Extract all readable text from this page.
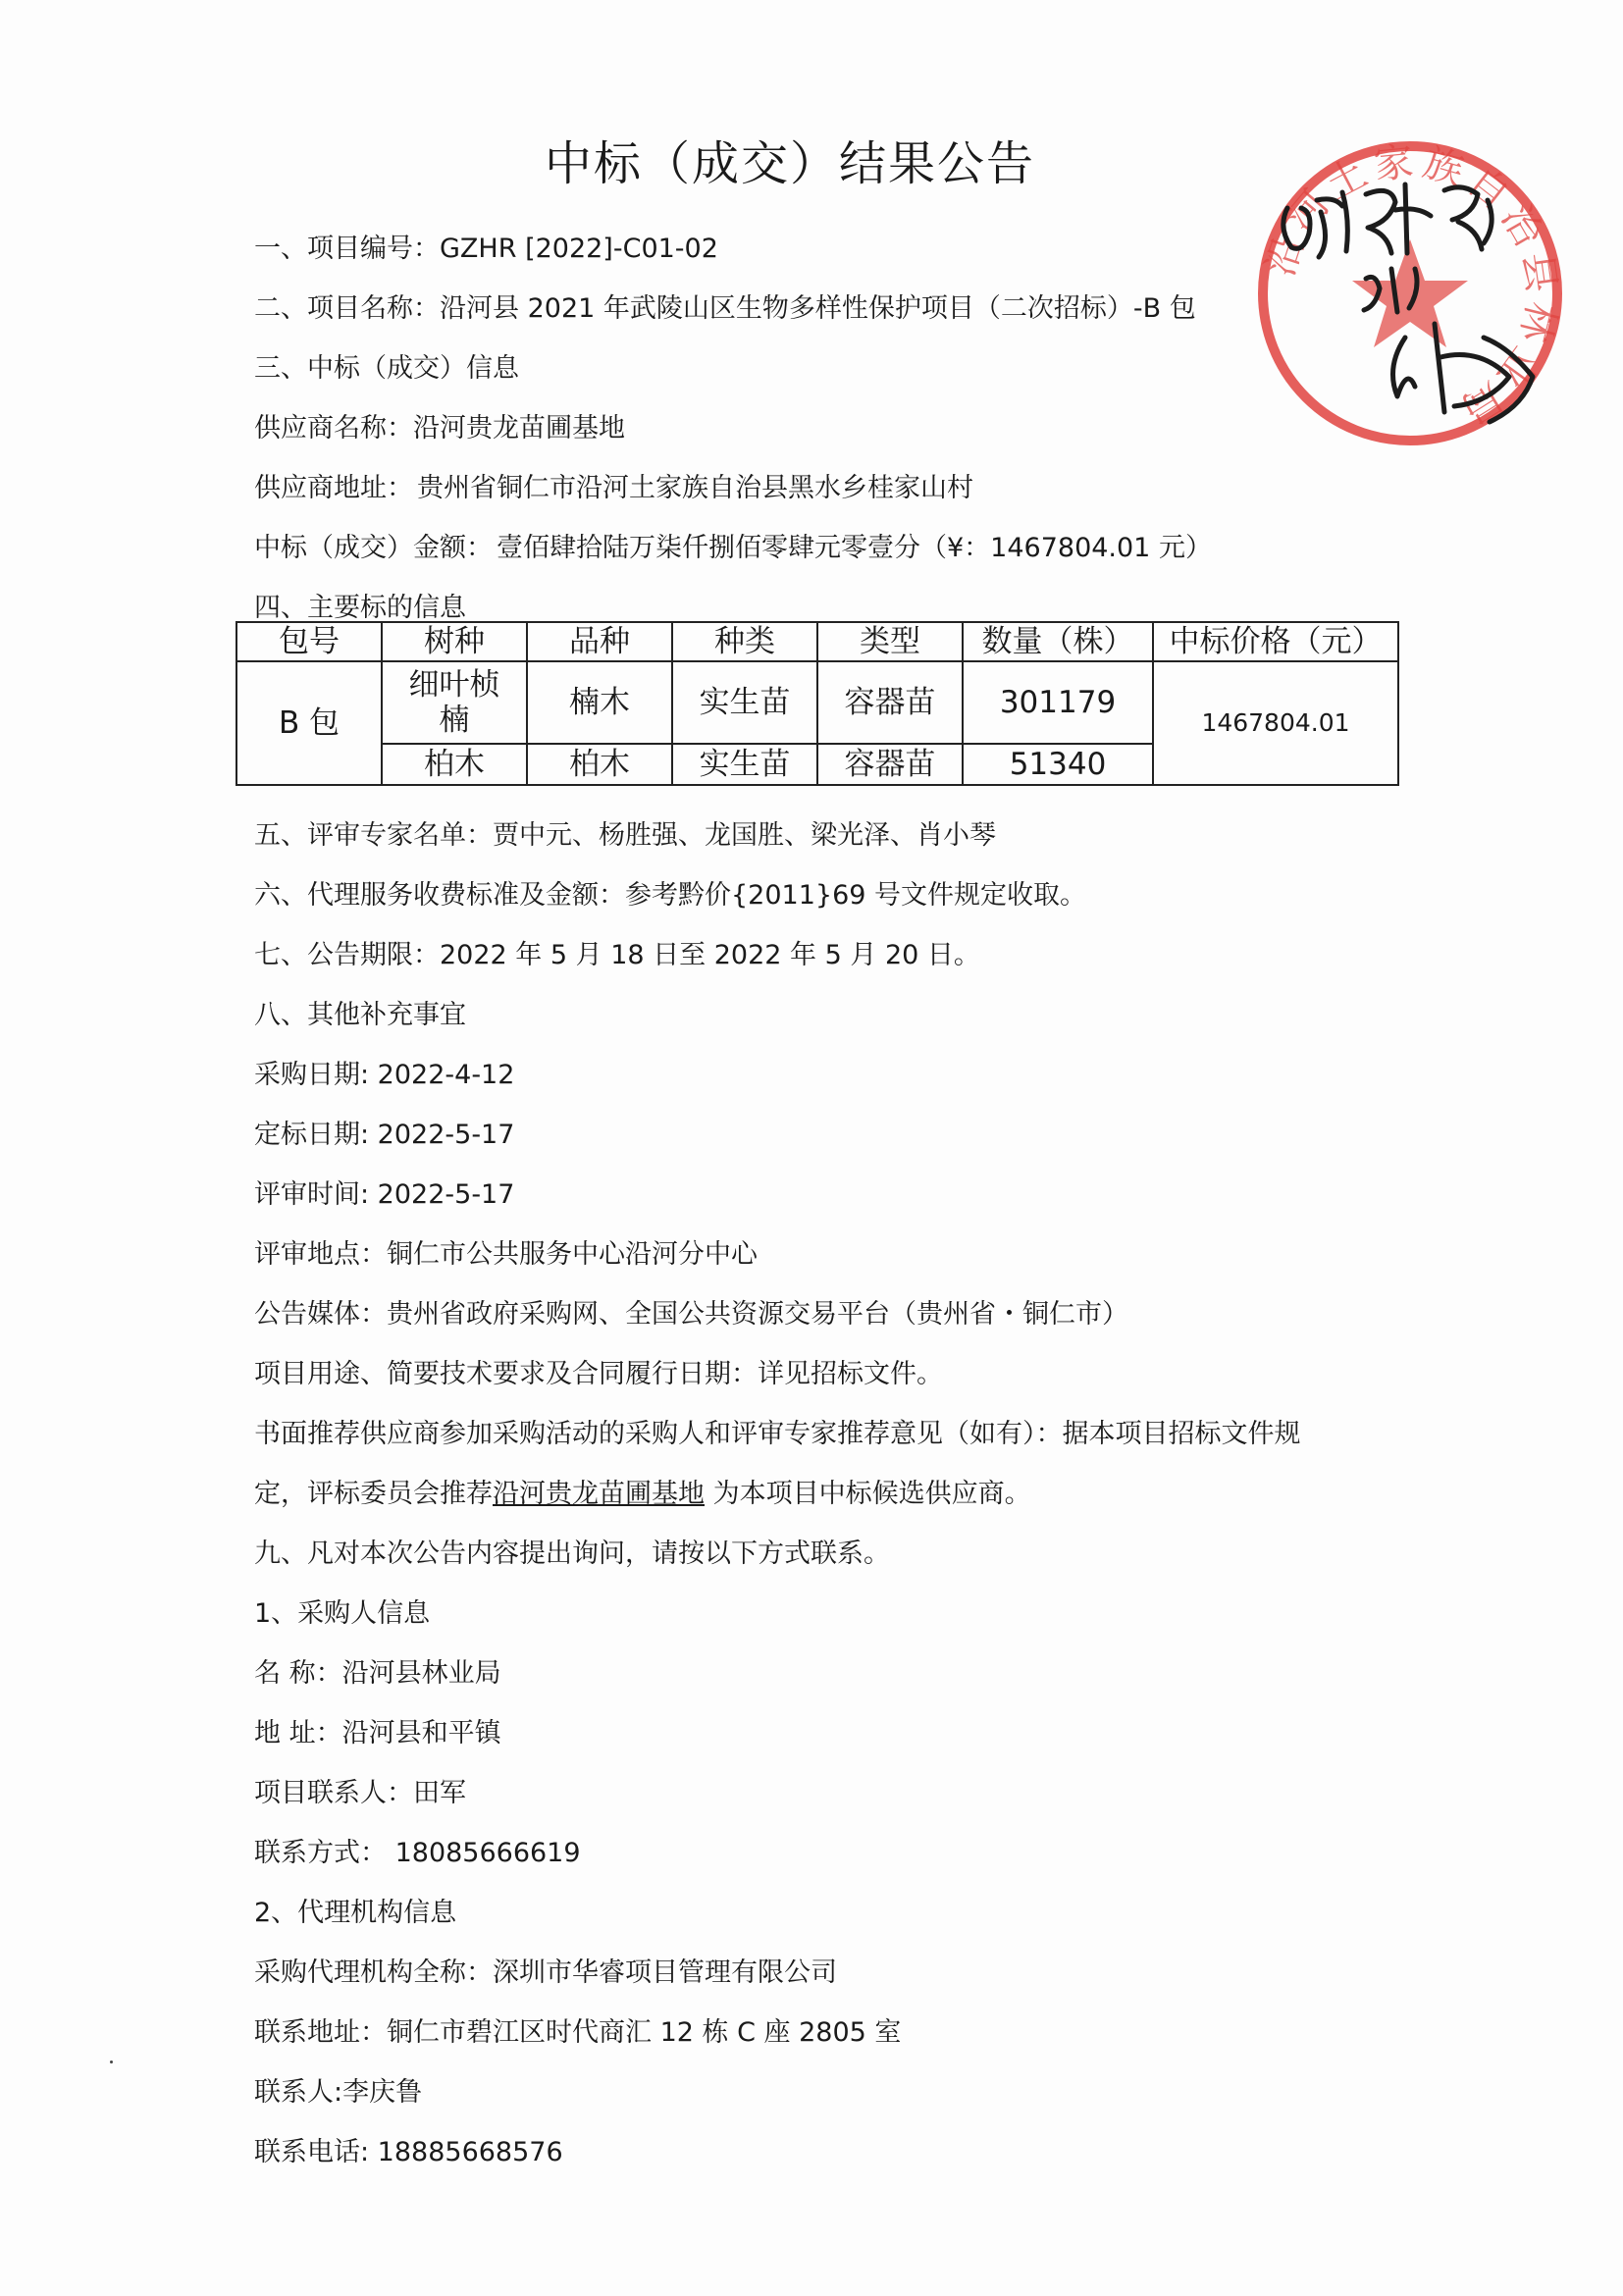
中标（成交）结果公告
一、项目编号：GZHR [2022]-C01-02
二、项目名称：沿河县 2021 年武陵山区生物多样性保护项目（二次招标）-B 包
三、中标（成交）信息
供应商名称：沿河贵龙苗圃基地
供应商地址： 贵州省铜仁市沿河土家族自治县黑水乡桂家山村
中标（成交）金额： 壹佰肆拾陆万柒仟捌佰零肆元零壹分（¥：1467804.01 元）
四、主要标的信息
包号	树种	品种	种类	类型	数量（株）	中标价格（元）
B 包	细叶桢楠	楠木	实生苗	容器苗	301179	1467804.01
	柏木	柏木	实生苗	容器苗	51340	
五、评审专家名单：贾中元、杨胜强、龙国胜、梁光泽、肖小琴
六、代理服务收费标准及金额：参考黔价{2011}69 号文件规定收取。
七、公告期限：2022 年 5 月 18 日至 2022 年 5 月 20 日。
八、其他补充事宜
采购日期: 2022-4-12
定标日期: 2022-5-17
评审时间: 2022-5-17
评审地点：铜仁市公共服务中心沿河分中心
公告媒体：贵州省政府采购网、全国公共资源交易平台（贵州省・铜仁市）
项目用途、简要技术要求及合同履行日期：详见招标文件。
书面推荐供应商参加采购活动的采购人和评审专家推荐意见（如有）：据本项目招标文件规
定，评标委员会推荐沿河贵龙苗圃基地 为本项目中标候选供应商。
九、凡对本次公告内容提出询问，请按以下方式联系。
1、采购人信息
名 称：沿河县林业局
地 址：沿河县和平镇
项目联系人：田军
联系方式： 18085666619
2、代理机构信息
采购代理机构全称：深圳市华睿项目管理有限公司
联系地址：铜仁市碧江区时代商汇 12 栋 C 座 2805 室
联系人:李庆鲁
联系电话: 18885668576
沿河土家族自治县林业局
